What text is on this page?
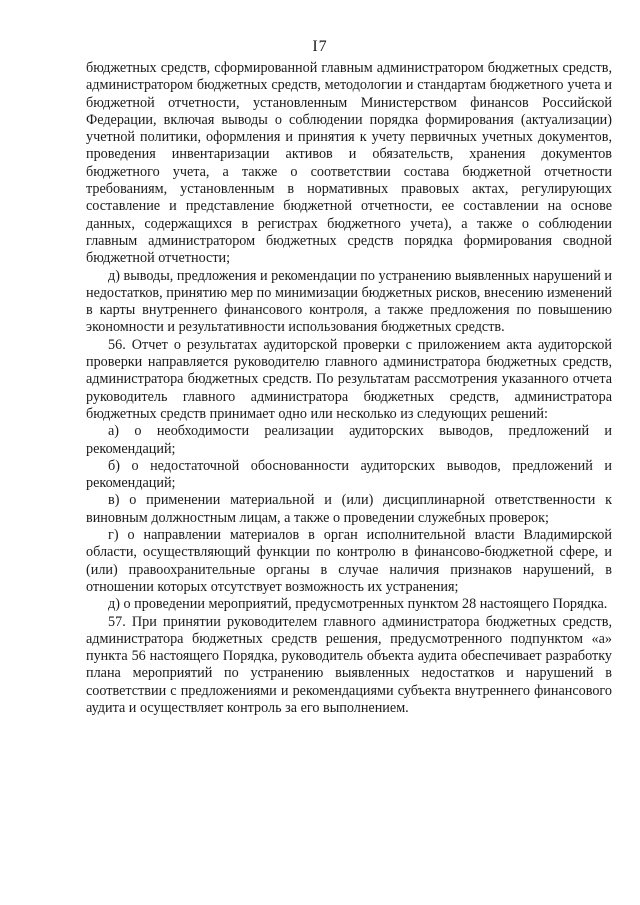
I7

бюджетных средств, сформированной главным администратором бюджетных средств, администратором бюджетных средств, методологии и стандартам бюджетного учета и бюджетной отчетности, установленным Министерством финансов Российской Федерации, включая выводы о соблюдении порядка формирования (актуализации) учетной политики, оформления и принятия к учету первичных учетных документов, проведения инвентаризации активов и обязательств, хранения документов бюджетного учета, а также о соответствии состава бюджетной отчетности требованиям, установленным в нормативных правовых актах, регулирующих составление и представление бюджетной отчетности, ее составлении на основе данных, содержащихся в регистрах бюджетного учета), а также о соблюдении главным администратором бюджетных средств порядка формирования сводной бюджетной отчетности;

д) выводы, предложения и рекомендации по устранению выявленных нарушений и недостатков, принятию мер по минимизации бюджетных рисков, внесению изменений в карты внутреннего финансового контроля, а также предложения по повышению экономности и результативности использования бюджетных средств.

56. Отчет о результатах аудиторской проверки с приложением акта аудиторской проверки направляется руководителю главного администратора бюджетных средств, администратора бюджетных средств. По результатам рассмотрения указанного отчета руководитель главного администратора бюджетных средств, администратора бюджетных средств принимает одно или несколько из следующих решений:

а) о необходимости реализации аудиторских выводов, предложений и рекомендаций;

б) о недостаточной обоснованности аудиторских выводов, предложений и рекомендаций;

в) о применении материальной и (или) дисциплинарной ответственности к виновным должностным лицам, а также о проведении служебных проверок;

г) о направлении материалов в орган исполнительной власти Владимирской области, осуществляющий функции по контролю в финансово-бюджетной сфере, и (или) правоохранительные органы в случае наличия признаков нарушений, в отношении которых отсутствует возможность их устранения;

д) о проведении мероприятий, предусмотренных пунктом 28 настоящего Порядка.

57. При принятии руководителем главного администратора бюджетных средств, администратора бюджетных средств решения, предусмотренного подпунктом «а» пункта 56 настоящего Порядка, руководитель объекта аудита обеспечивает разработку плана мероприятий по устранению выявленных недостатков и нарушений в соответствии с предложениями и рекомендациями субъекта внутреннего финансового аудита и осуществляет контроль за его выполнением.
